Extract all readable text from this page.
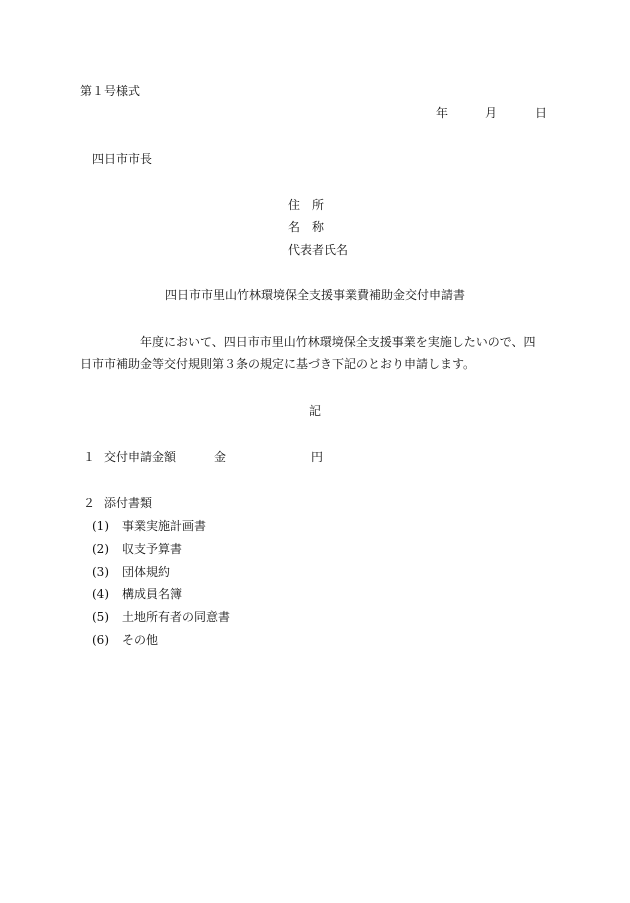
第１号様式
年	月	日
四日市市長
住　所
名　称
代表者氏名
四日市市里山竹林環境保全支援事業費補助金交付申請書
年度において、四日市市里山竹林環境保全支援事業を実施したいので、四
日市市補助金等交付規則第３条の規定に基づき下記のとおり申請します。
記
１ 交付申請金額	金	円
２ 添付書類
(1) 事業実施計画書
(2) 収支予算書
(3) 団体規約
(4) 構成員名簿
(5) 土地所有者の同意書
(6) その他
